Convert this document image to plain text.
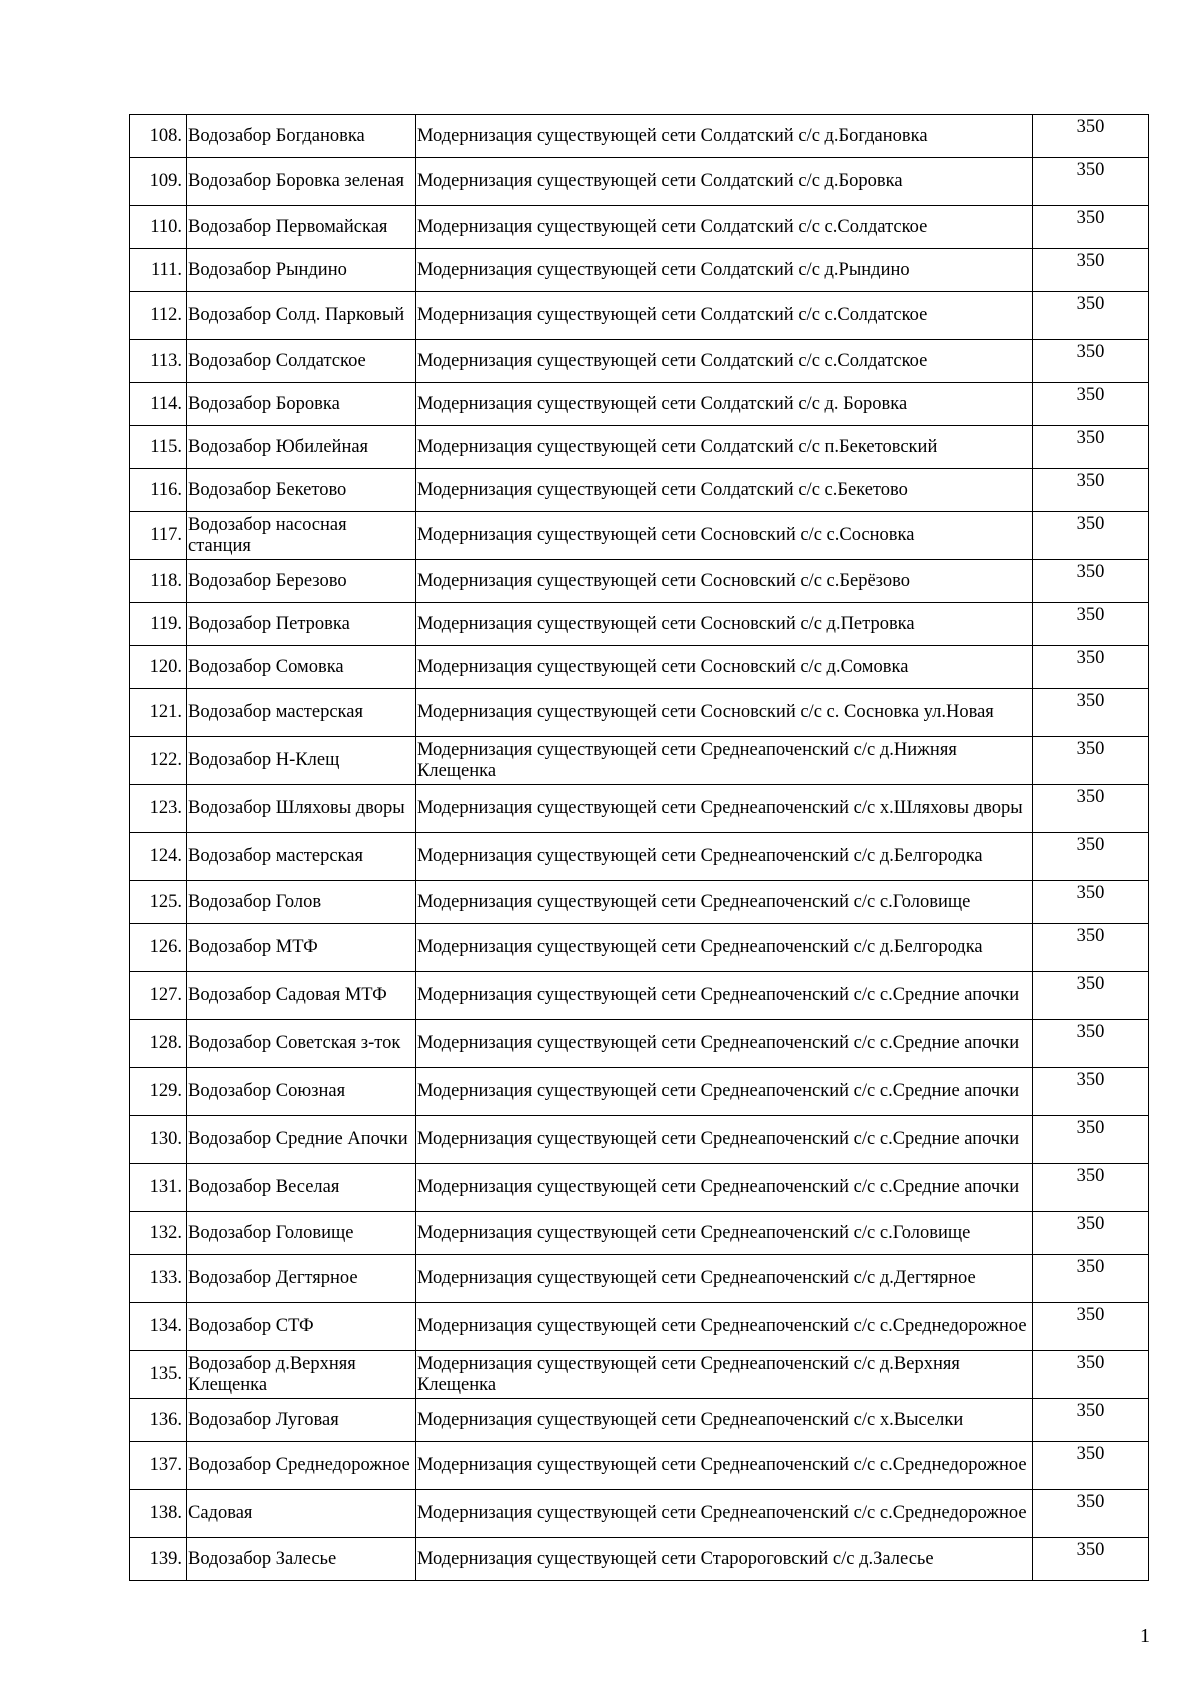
108.	Водозабор Богдановка	Модернизация существующей сети Солдатский с/с д.Богдановка	350
109.	Водозабор Боровка зеленая	Модернизация существующей сети Солдатский с/с д.Боровка	350
110.	Водозабор Первомайская	Модернизация существующей сети Солдатский с/с с.Солдатское	350
111.	Водозабор Рындино	Модернизация существующей сети Солдатский с/с д.Рындино	350
112.	Водозабор Солд. Парковый	Модернизация существующей сети Солдатский с/с с.Солдатское	350
113.	Водозабор Солдатское	Модернизация существующей сети Солдатский с/с с.Солдатское	350
114.	Водозабор Боровка	Модернизация существующей сети Солдатский с/с д. Боровка	350
115.	Водозабор Юбилейная	Модернизация существующей сети Солдатский с/с п.Бекетовский	350
116.	Водозабор Бекетово	Модернизация существующей сети Солдатский с/с с.Бекетово	350
117.	Водозабор насосная станция	Модернизация существующей сети Сосновский с/с с.Сосновка	350
118.	Водозабор Березово	Модернизация существующей сети Сосновский с/с с.Берёзово	350
119.	Водозабор Петровка	Модернизация существующей сети Сосновский с/с д.Петровка	350
120.	Водозабор Сомовка	Модернизация существующей сети Сосновский с/с д.Сомовка	350
121.	Водозабор мастерская	Модернизация существующей сети Сосновский с/с с. Сосновка ул.Новая	350
122.	Водозабор Н-Клещ	Модернизация существующей сети Среднеапоченский с/с д.Нижняя Клещенка	350
123.	Водозабор Шляховы дворы	Модернизация существующей сети Среднеапоченский с/с х.Шляховы дворы	350
124.	Водозабор мастерская	Модернизация существующей сети Среднеапоченский с/с д.Белгородка	350
125.	Водозабор Голов	Модернизация существующей сети Среднеапоченский с/с с.Головище	350
126.	Водозабор МТФ	Модернизация существующей сети Среднеапоченский с/с д.Белгородка	350
127.	Водозабор Садовая МТФ	Модернизация существующей сети Среднеапоченский с/с с.Средние апочки	350
128.	Водозабор Советская з-ток	Модернизация существующей сети Среднеапоченский с/с с.Средние апочки	350
129.	Водозабор Союзная	Модернизация существующей сети Среднеапоченский с/с с.Средние апочки	350
130.	Водозабор Средние Апочки	Модернизация существующей сети Среднеапоченский с/с с.Средние апочки	350
131.	Водозабор Веселая	Модернизация существующей сети Среднеапоченский с/с с.Средние апочки	350
132.	Водозабор Головище	Модернизация существующей сети Среднеапоченский с/с с.Головище	350
133.	Водозабор Дегтярное	Модернизация существующей сети Среднеапоченский с/с д.Дегтярное	350
134.	Водозабор СТФ	Модернизация существующей сети Среднеапоченский с/с с.Среднедорожное	350
135.	Водозабор д.Верхняя Клещенка	Модернизация существующей сети Среднеапоченский с/с д.Верхняя Клещенка	350
136.	Водозабор Луговая	Модернизация существующей сети Среднеапоченский с/с х.Выселки	350
137.	Водозабор Среднедорожное	Модернизация существующей сети Среднеапоченский с/с с.Среднедорожное	350
138.	Садовая	Модернизация существующей сети Среднеапоченский с/с с.Среднедорожное	350
139.	Водозабор Залесье	Модернизация существующей сети Старороговский с/с д.Залесье	350
1
